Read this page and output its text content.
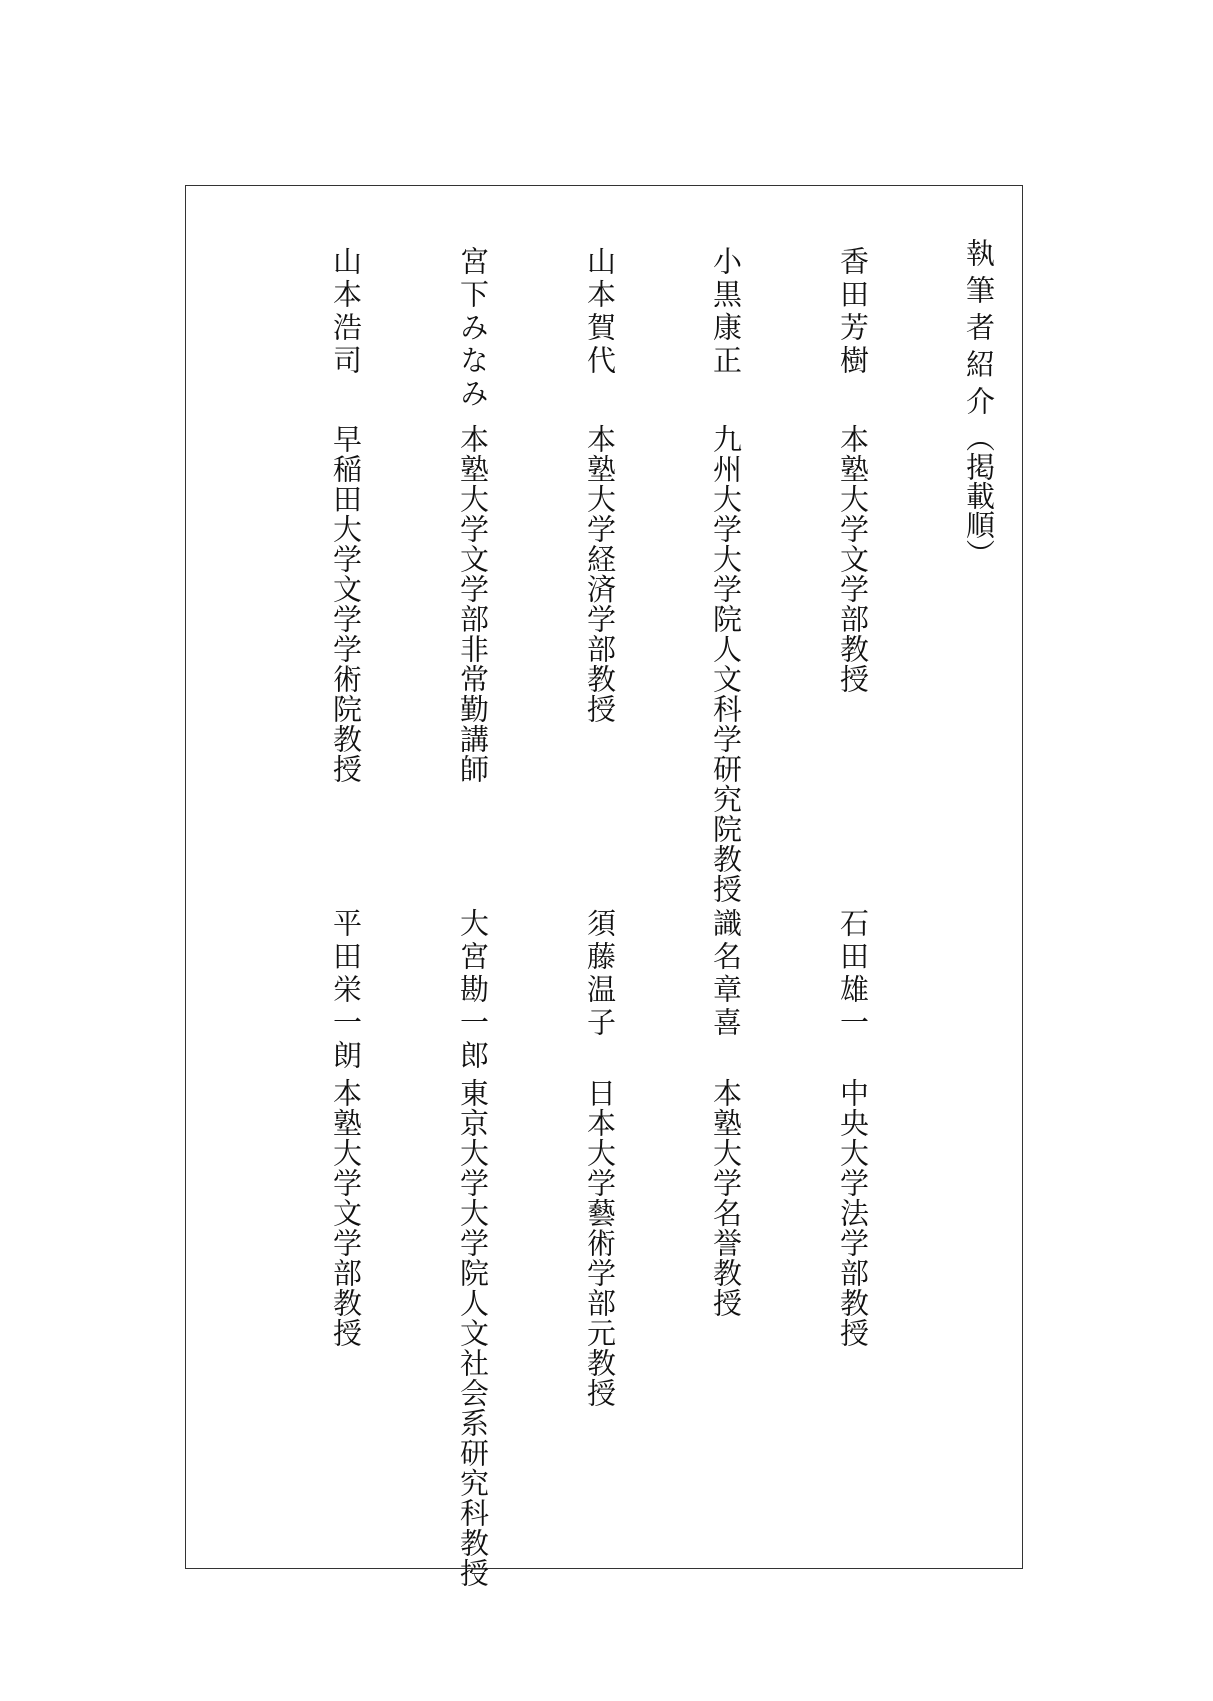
執筆者紹介（掲載順）
香田芳樹
本塾大学文学部教授
小黒康正
九州大学大学院人文科学研究院教授
山本賀代
本塾大学経済学部教授
宮下みなみ
本塾大学文学部非常勤講師
山本浩司
早稲田大学文学学術院教授
石田雄一
中央大学法学部教授
識名章喜
本塾大学名誉教授
須藤温子
日本大学藝術学部元教授
大宮勘一郎
東京大学大学院人文社会系研究科教授
平田栄一朗
本塾大学文学部教授
